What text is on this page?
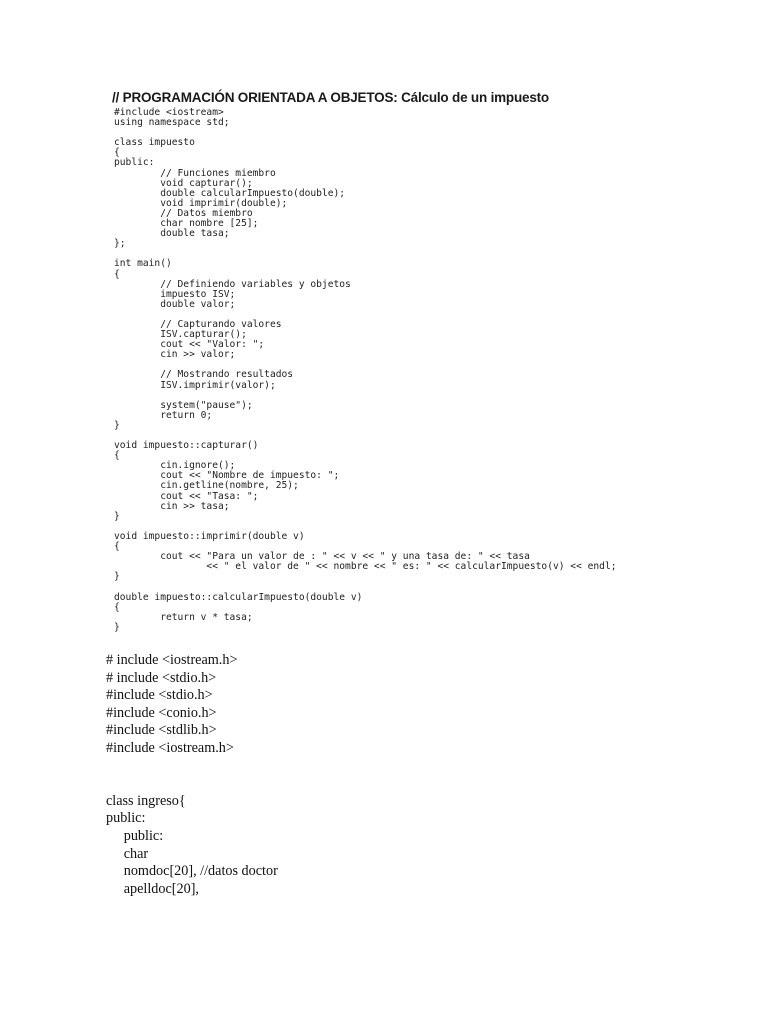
// PROGRAMACIÓN ORIENTADA A OBJETOS: Cálculo de un impuesto
#include <iostream>
using namespace std;
class impuesto
{
public:
// Funciones miembro
void capturar();
double calcularImpuesto(double);
void imprimir(double);
// Datos miembro
char nombre [25];
double tasa;
};
int main()
{
// Definiendo variables y objetos
impuesto ISV;
double valor;
// Capturando valores
ISV.capturar();
cout << "Valor: ";
cin >> valor;
// Mostrando resultados
ISV.imprimir(valor);
system("pause");
return 0;
}
void impuesto::capturar()
{
cin.ignore();
cout << "Nombre de impuesto: ";
cin.getline(nombre, 25);
cout << "Tasa: ";
cin >> tasa;
}
void impuesto::imprimir(double v)
{
cout << "Para un valor de : " << v << " y una tasa de: " << tasa
<< " el valor de " << nombre << " es: " << calcularImpuesto(v) << endl;
}
double impuesto::calcularImpuesto(double v)
{
return v * tasa;
}
# include <iostream.h>
# include <stdio.h>
#include <stdio.h>
#include <conio.h>
#include <stdlib.h>
#include <iostream.h>
class ingreso{
public:
public:
char
nomdoc[20], //datos doctor
apelldoc[20],
